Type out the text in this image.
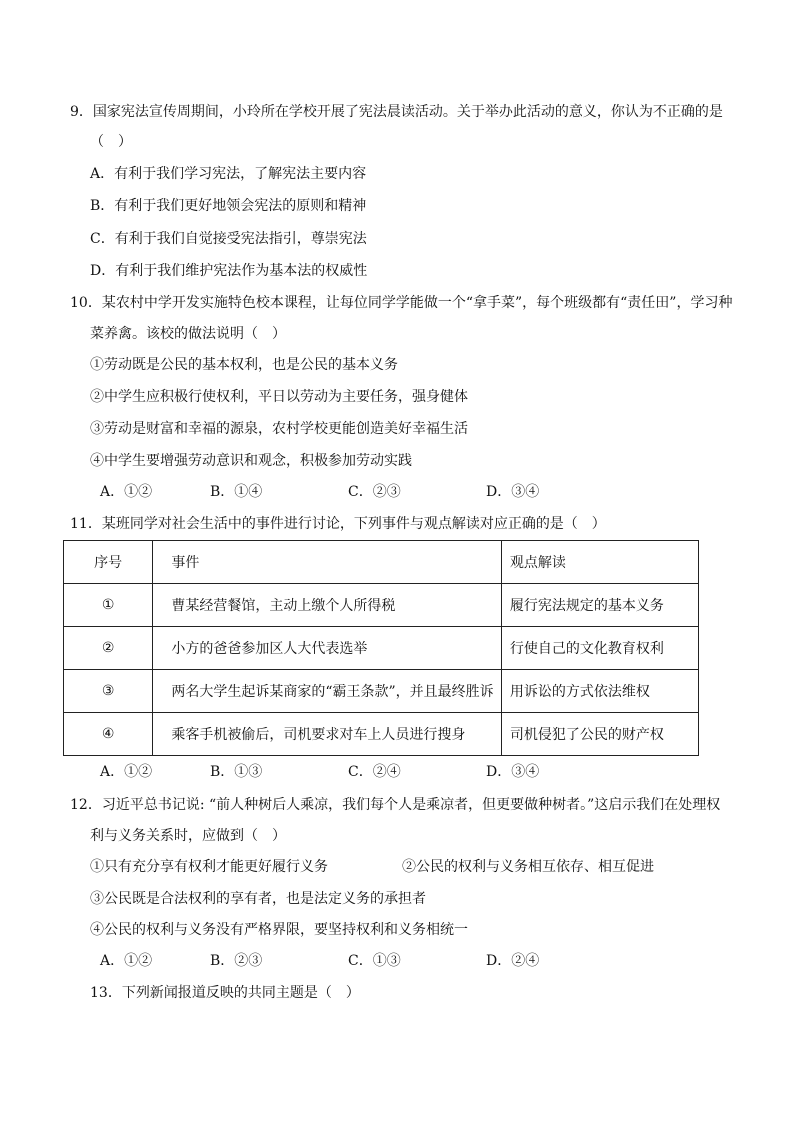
9．国家宪法宣传周期间，小玲所在学校开展了宪法晨读活动。关于举办此活动的意义，你认为不正确的是
（　）
A．有利于我们学习宪法，了解宪法主要内容
B．有利于我们更好地领会宪法的原则和精神
C．有利于我们自觉接受宪法指引，尊崇宪法
D．有利于我们维护宪法作为基本法的权威性
10．某农村中学开发实施特色校本课程，让每位同学学能做一个“拿手菜”，每个班级都有“责任田”，学习种
菜养禽。该校的做法说明（　）
①劳动既是公民的基本权利，也是公民的基本义务
②中学生应积极行使权利，平日以劳动为主要任务，强身健体
③劳动是财富和幸福的源泉，农村学校更能创造美好幸福生活
④中学生要增强劳动意识和观念，积极参加劳动实践
A．①②	B．①④	C．②③	D．③④
11．某班同学对社会生活中的事件进行讨论，下列事件与观点解读对应正确的是（　）
序号	事件	观点解读
①	曹某经营餐馆，主动上缴个人所得税	履行宪法规定的基本义务
②	小方的爸爸参加区人大代表选举	行使自己的文化教育权利
③	两名大学生起诉某商家的“霸王条款”，并且最终胜诉	用诉讼的方式依法维权
④	乘客手机被偷后，司机要求对车上人员进行搜身	司机侵犯了公民的财产权
A．①②	B．①③	C．②④	D．③④
12．习近平总书记说: “前人种树后人乘凉，我们每个人是乘凉者，但更要做种树者。”这启示我们在处理权
利与义务关系时，应做到（　）
①只有充分享有权利才能更好履行义务	②公民的权利与义务相互依存、相互促进
③公民既是合法权利的享有者，也是法定义务的承担者
④公民的权利与义务没有严格界限，要坚持权利和义务相统一
A．①②	B．②③	C．①③	D．②④
13．下列新闻报道反映的共同主题是（　）
